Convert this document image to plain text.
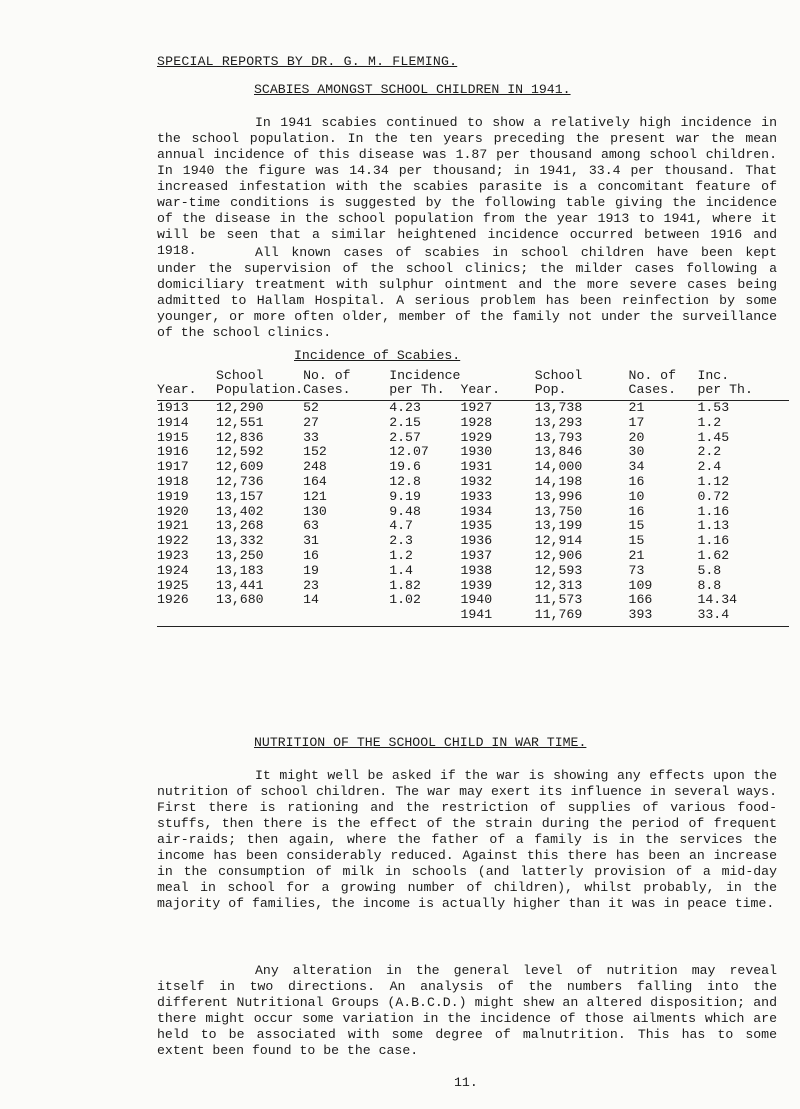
SPECIAL REPORTS BY DR. G. M. FLEMING.
SCABIES AMONGST SCHOOL CHILDREN IN 1941.

In 1941 scabies continued to show a relatively high incidence in the school population. In the ten years preceding the present war the mean annual incidence of this disease was 1.87 per thousand among school children. In 1940 the figure was 14.34 per thousand; in 1941, 33.4 per thousand. That increased infestation with the scabies parasite is a concomitant feature of war-time conditions is suggested by the following table giving the incidence of the disease in the school population from the year 1913 to 1941, where it will be seen that a similar heightened incidence occurred between 1916 and 1918.	All known cases of scabies in school children have been kept under the supervision of the school clinics; the milder cases following a domiciliary treatment with sulphur ointment and the more severe cases being admitted to Hallam Hospital. A serious problem has been reinfection by some younger, or more often older, member of the family not under the surveillance of the school clinics.

Incidence of Scabies.
	School	No. of	Incidence		School	No. of	Inc.
Year.	Population.	Cases.	per Th.	Year.	Pop.	Cases.	per Th.

1913	12,290	52	4.23	1927	13,738	21	1.53
1914	12,551	27	2.15	1928	13,293	17	1.2
1915	12,836	33	2.57	1929	13,793	20	1.45
1916	12,592	152	12.07	1930	13,846	30	2.2
1917	12,609	248	19.6	1931	14,000	34	2.4
1918	12,736	164	12.8	1932	14,198	16	1.12
1919	13,157	121	9.19	1933	13,996	10	0.72
1920	13,402	130	9.48	1934	13,750	16	1.16
1921	13,268	63	4.7	1935	13,199	15	1.13
1922	13,332	31	2.3	1936	12,914	15	1.16
1923	13,250	16	1.2	1937	12,906	21	1.62
1924	13,183	19	1.4	1938	12,593	73	5.8
1925	13,441	23	1.82	1939	12,313	109	8.8
1926	13,680	14	1.02	1940	11,573	166	14.34
				1941	11,769	393	33.4

NUTRITION OF THE SCHOOL CHILD IN WAR TIME.

It might well be asked if the war is showing any effects upon the nutrition of school children. The war may exert its influence in several ways. First there is rationing and the restriction of supplies of various food-stuffs, then there is the effect of the strain during the period of frequent air-raids; then again, where the father of a family is in the services the income has been considerably reduced. Against this there has been an increase in the consumption of milk in schools (and latterly provision of a mid-day meal in school for a growing number of children), whilst probably, in the majority of families, the income is actually higher than it was in peace time.

Any alteration in the general level of nutrition may reveal itself in two directions. An analysis of the numbers falling into the different Nutritional Groups (A.B.C.D.) might shew an altered disposition; and there might occur some variation in the incidence of those ailments which are held to be associated with some degree of malnutrition. This has to some extent been found to be the case.

11.
